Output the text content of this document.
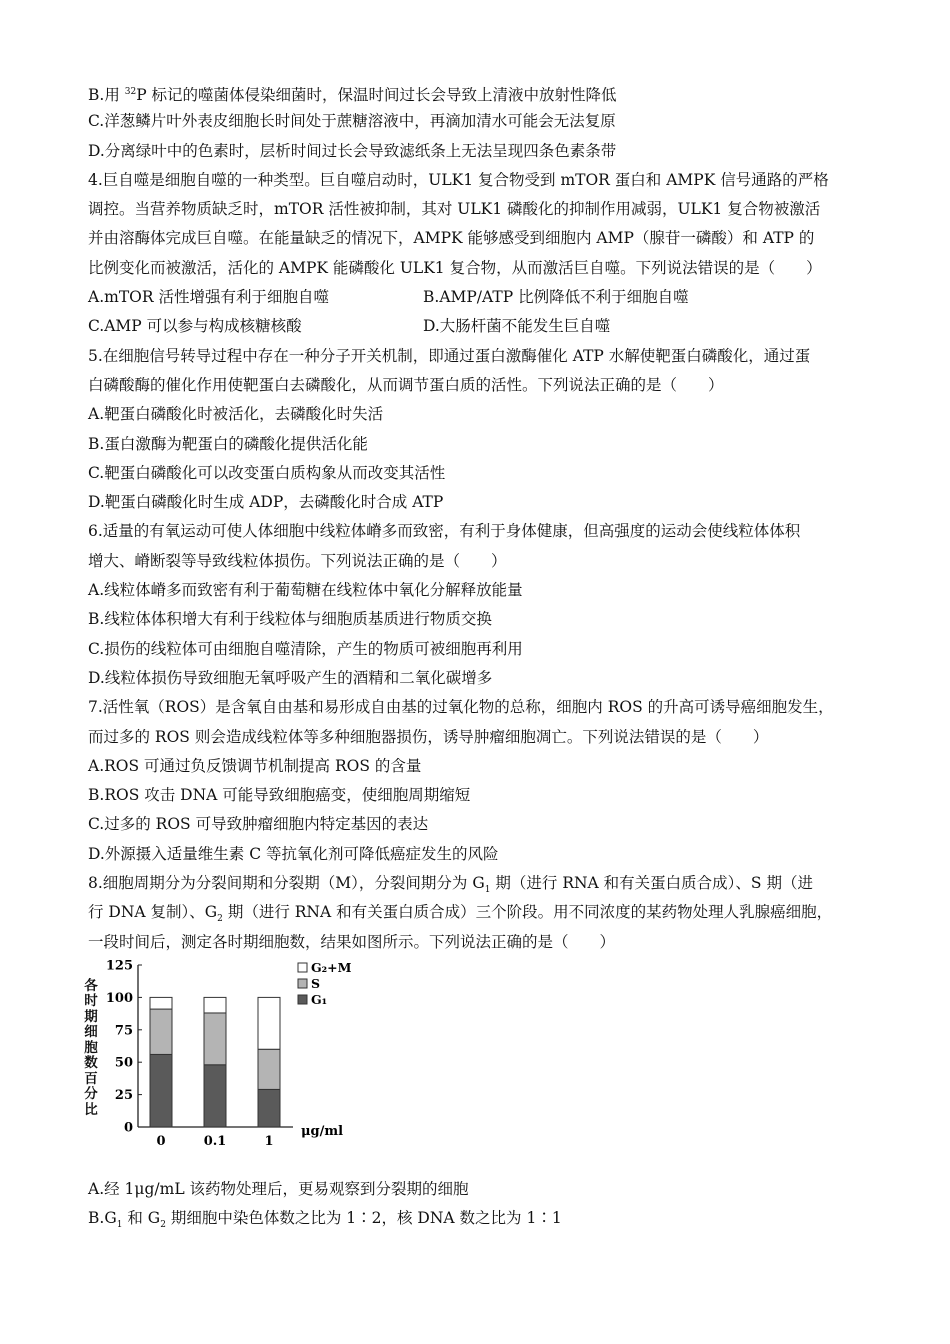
B.用 $^{32}$P 标记的噬菌体侵染细菌时，保温时间过长会导致上清液中放射性降低
C.洋葱鳞片叶外表皮细胞长时间处于蔗糖溶液中，再滴加清水可能会无法复原
D.分离绿叶中的色素时，层析时间过长会导致滤纸条上无法呈现四条色素条带
4.巨自噬是细胞自噬的一种类型。巨自噬启动时，ULK1 复合物受到 mTOR 蛋白和 AMPK 信号通路的严格
调控。当营养物质缺乏时，mTOR 活性被抑制，其对 ULK1 磷酸化的抑制作用减弱，ULK1 复合物被激活
并由溶酶体完成巨自噬。在能量缺乏的情况下，AMPK 能够感受到细胞内 AMP（腺苷一磷酸）和 ATP 的
比例变化而被激活，活化的 AMPK 能磷酸化 ULK1 复合物，从而激活巨自噬。下列说法错误的是（　　）
A.mTOR 活性增强有利于细胞自噬	B.AMP/ATP 比例降低不利于细胞自噬
C.AMP 可以参与构成核糖核酸	D.大肠杆菌不能发生巨自噬
5.在细胞信号转导过程中存在一种分子开关机制，即通过蛋白激酶催化 ATP 水解使靶蛋白磷酸化，通过蛋
白磷酸酶的催化作用使靶蛋白去磷酸化，从而调节蛋白质的活性。下列说法正确的是（　　）
A.靶蛋白磷酸化时被活化，去磷酸化时失活
B.蛋白激酶为靶蛋白的磷酸化提供活化能
C.靶蛋白磷酸化可以改变蛋白质构象从而改变其活性
D.靶蛋白磷酸化时生成 ADP，去磷酸化时合成 ATP
6.适量的有氧运动可使人体细胞中线粒体嵴多而致密，有利于身体健康，但高强度的运动会使线粒体体积
增大、嵴断裂等导致线粒体损伤。下列说法正确的是（　　）
A.线粒体嵴多而致密有利于葡萄糖在线粒体中氧化分解释放能量
B.线粒体体积增大有利于线粒体与细胞质基质进行物质交换
C.损伤的线粒体可由细胞自噬清除，产生的物质可被细胞再利用
D.线粒体损伤导致细胞无氧呼吸产生的酒精和二氧化碳增多
7.活性氧（ROS）是含氧自由基和易形成自由基的过氧化物的总称，细胞内 ROS 的升高可诱导癌细胞发生，
而过多的 ROS 则会造成线粒体等多种细胞器损伤，诱导肿瘤细胞凋亡。下列说法错误的是（　　）
A.ROS 可通过负反馈调节机制提高 ROS 的含量
B.ROS 攻击 DNA 可能导致细胞癌变，使细胞周期缩短
C.过多的 ROS 可导致肿瘤细胞内特定基因的表达
D.外源摄入适量维生素 C 等抗氧化剂可降低癌症发生的风险
8.细胞周期分为分裂间期和分裂期（M），分裂间期分为 $G_1$ 期（进行 RNA 和有关蛋白质合成）、S 期（进
行 DNA 复制）、$G_2$ 期（进行 RNA 和有关蛋白质合成）三个阶段。用不同浓度的某药物处理人乳腺癌细胞，
一段时间后，测定各时期细胞数，结果如图所示。下列说法正确的是（　　）
各时期细胞数百分比
0
25
50
75
100
125
0	0.1	1
μg/ml
G₂+M
S
G₁
A.经 1μg/mL 该药物处理后，更易观察到分裂期的细胞
$B.G_1$ 和 $G_2$ 期细胞中染色体数之比为 1∶2，核 DNA 数之比为 1∶1
